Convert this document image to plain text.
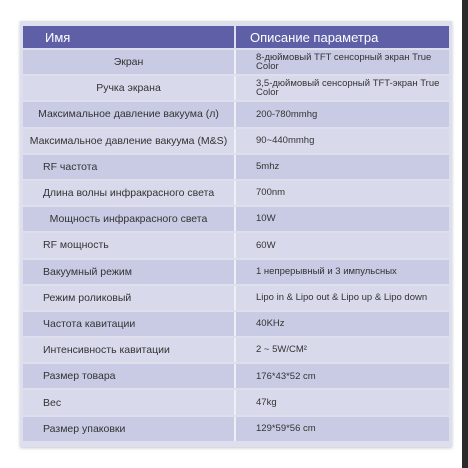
Имя	Описание параметра
Экран	8-дюймовый TFT сенсорный экран True Color
Ручка экрана	3,5-дюймовый сенсорный TFT-экран True Color
Максимальное давление вакуума (л)	200-780mmhg
Максимальное давление вакуума (M&S)	90~440mmhg
RF частота	5mhz
Длина волны инфракрасного света	700nm
Мощность инфракрасного света	10W
RF мощность	60W
Вакуумный режим	1 непрерывный и 3 импульсных
Режим роликовый	Lipo in & Lipo out & Lipo up & Lipo down
Частота кавитации	40KHz
Интенсивность кавитации	2 ~ 5W/CM²
Размер товара	176*43*52 cm
Вес	47kg
Размер упаковки	129*59*56 cm
